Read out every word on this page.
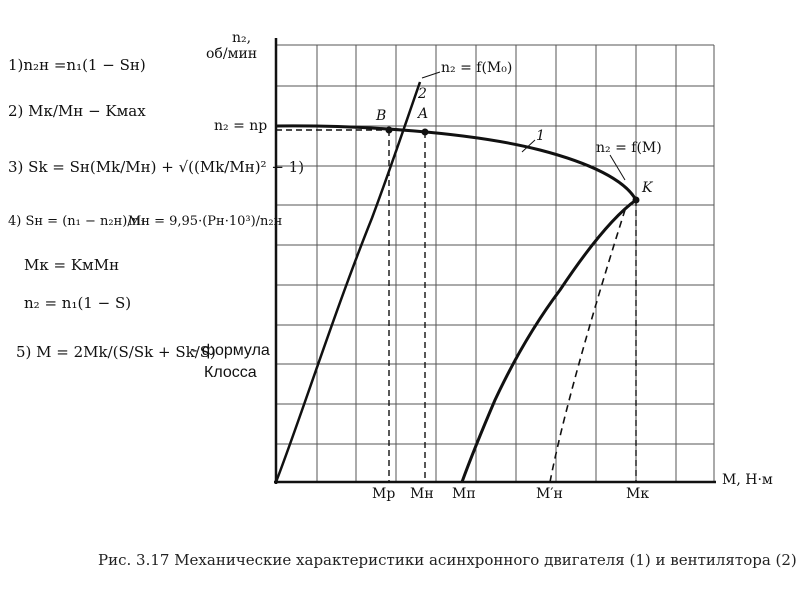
1)n₂н =n₁(1 − Sн)
2) Mк/Mн − Kмах
3) Sk = Sн(Mk/Mн) + √((Mk/Mн)² − 1)
4) Sн = (n₁ − n₂н)/n₁
Mн = 9,95·(Pн·10³)/n₂н
Mк = KмMн
n₂ = n₁(1 − S)
5) M = 2Mk/(S/Sk + Sk/S)
- формула
Клосса
n₂,
об/мин
n₂ = nр
M, Н·м
Mр Mн Mп	M′н	Mк
n₂ = f(M₀)
2
1
n₂ = f(M)
B A
K
Рис. 3.17 Механические характеристики асинхронного двигателя (1) и вентилятора (2)
